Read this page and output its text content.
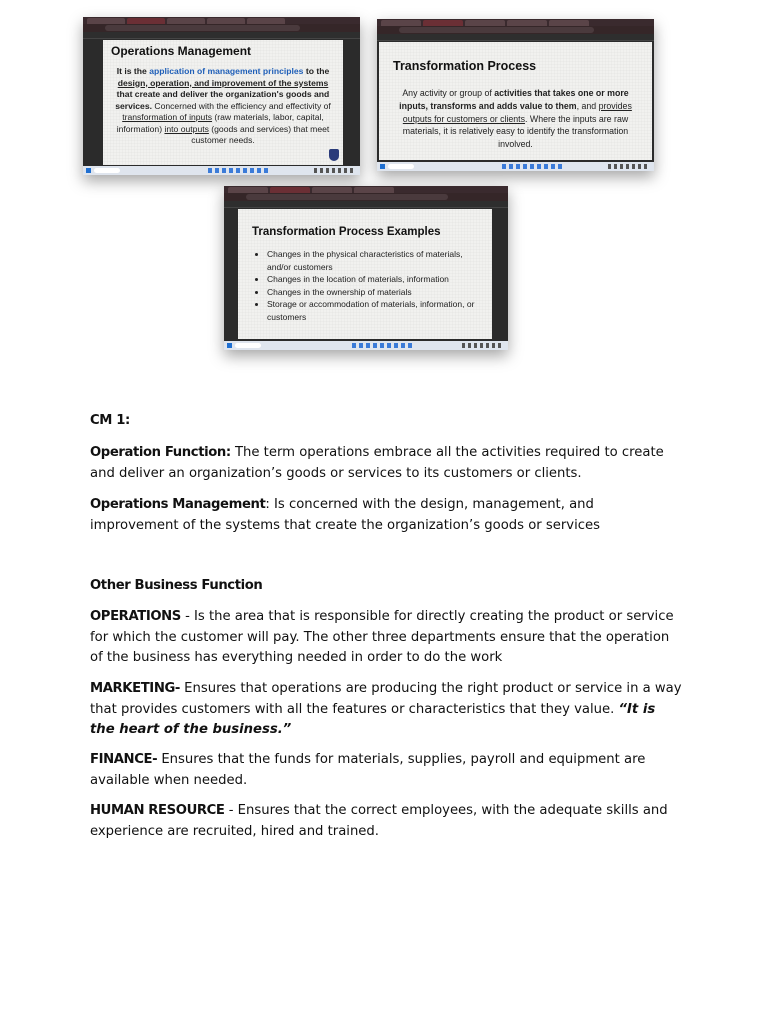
Operations Management
It is the application of management principles to the design, operation, and improvement of the systems that create and deliver the organization's goods and services. Concerned with the efficiency and effectivity of transformation of inputs (raw materials, labor, capital, information) into outputs (goods and services) that meet customer needs.
Transformation Process
Any activity or group of activities that takes one or more inputs, transforms and adds value to them, and provides outputs for customers or clients. Where the inputs are raw materials, it is relatively easy to identify the transformation involved.
Transformation Process Examples
• Changes in the physical characteristics of materials, and/or customers
• Changes in the location of materials, information
• Changes in the ownership of materials
• Storage or accommodation of materials, information, or customers
CM 1:
Operation Function: The term operations embrace all the activities required to create and deliver an organization’s goods or services to its customers or clients.
Operations Management: Is concerned with the design, management, and improvement of the systems that create the organization’s goods or services
Other Business Function
OPERATIONS - Is the area that is responsible for directly creating the product or service for which the customer will pay. The other three departments ensure that the operation of the business has everything needed in order to do the work
MARKETING- Ensures that operations are producing the right product or service in a way that provides customers with all the features or characteristics that they value. “It is the heart of the business.”
FINANCE- Ensures that the funds for materials, supplies, payroll and equipment are available when needed.
HUMAN RESOURCE - Ensures that the correct employees, with the adequate skills and experience are recruited, hired and trained.
